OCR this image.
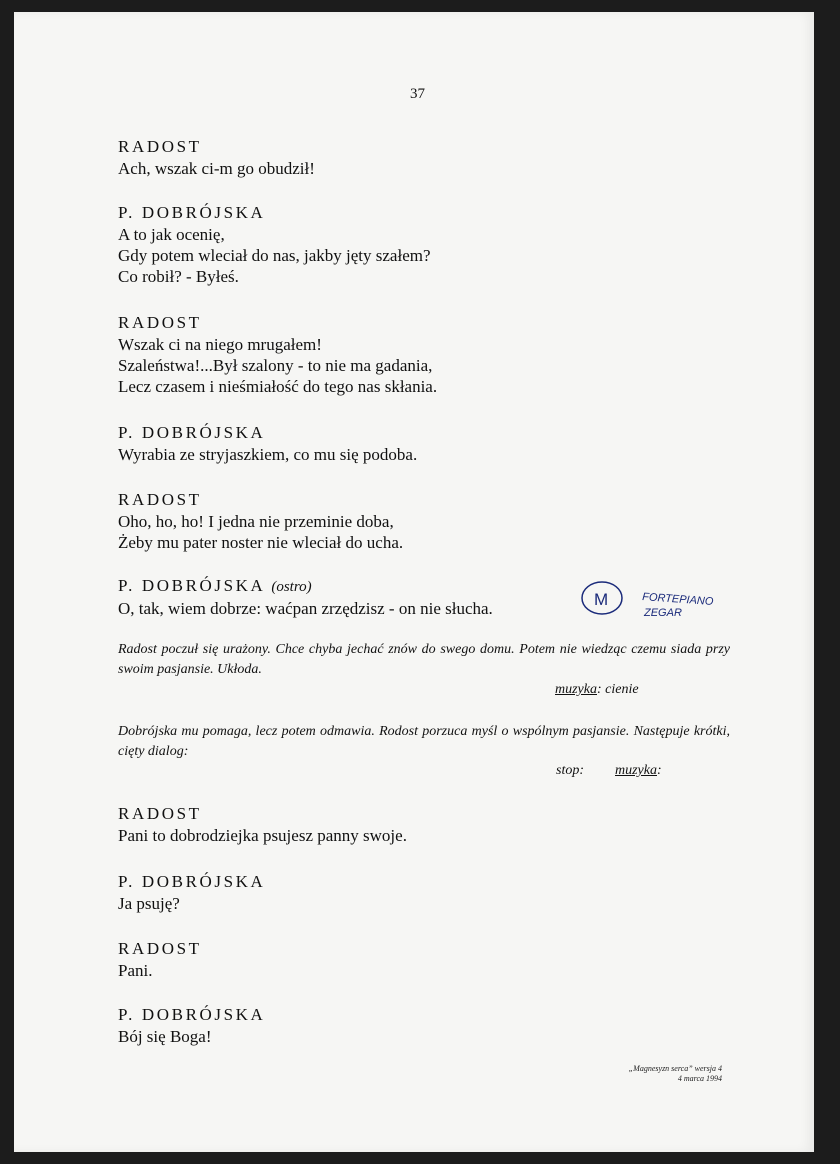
37
RADOST
Ach, wszak ci-m go obudził!
P. DOBRÓJSKA
A to jak ocenię,
Gdy potem wleciał do nas, jakby jęty szałem?
Co robił? - Byłeś.
RADOST
Wszak ci na niego mrugałem!
Szaleństwa!...Był szalony - to nie ma gadania,
Lecz czasem i nieśmiałość do tego nas skłania.
P. DOBRÓJSKA
Wyrabia ze stryjaszkiem, co mu się podoba.
RADOST
Oho, ho, ho! I jedna nie przeminie doba,
Żeby mu pater noster nie wleciał do ucha.
P. DOBRÓJSKA (ostro)
O, tak, wiem dobrze: waćpan zrzędzisz - on nie słucha.	M	FORTEPIANO
ZEGAR
Radost poczuł się urażony. Chce chyba jechać znów do swego domu. Potem nie wiedząc czemu siada przy swoim pasjansie. Ukłoda.
muzyka: cienie
Dobrójska mu pomaga, lecz potem odmawia. Rodost porzuca myśl o wspólnym pasjansie. Następuje krótki, cięty dialog:
stop: muzyka:
RADOST
Pani to dobrodziejka psujesz panny swoje.
P. DOBRÓJSKA
Ja psuję?
RADOST
Pani.
P. DOBRÓJSKA
Bój się Boga!
„Magnesyzn serca” wersja 4
4 marca 1994
